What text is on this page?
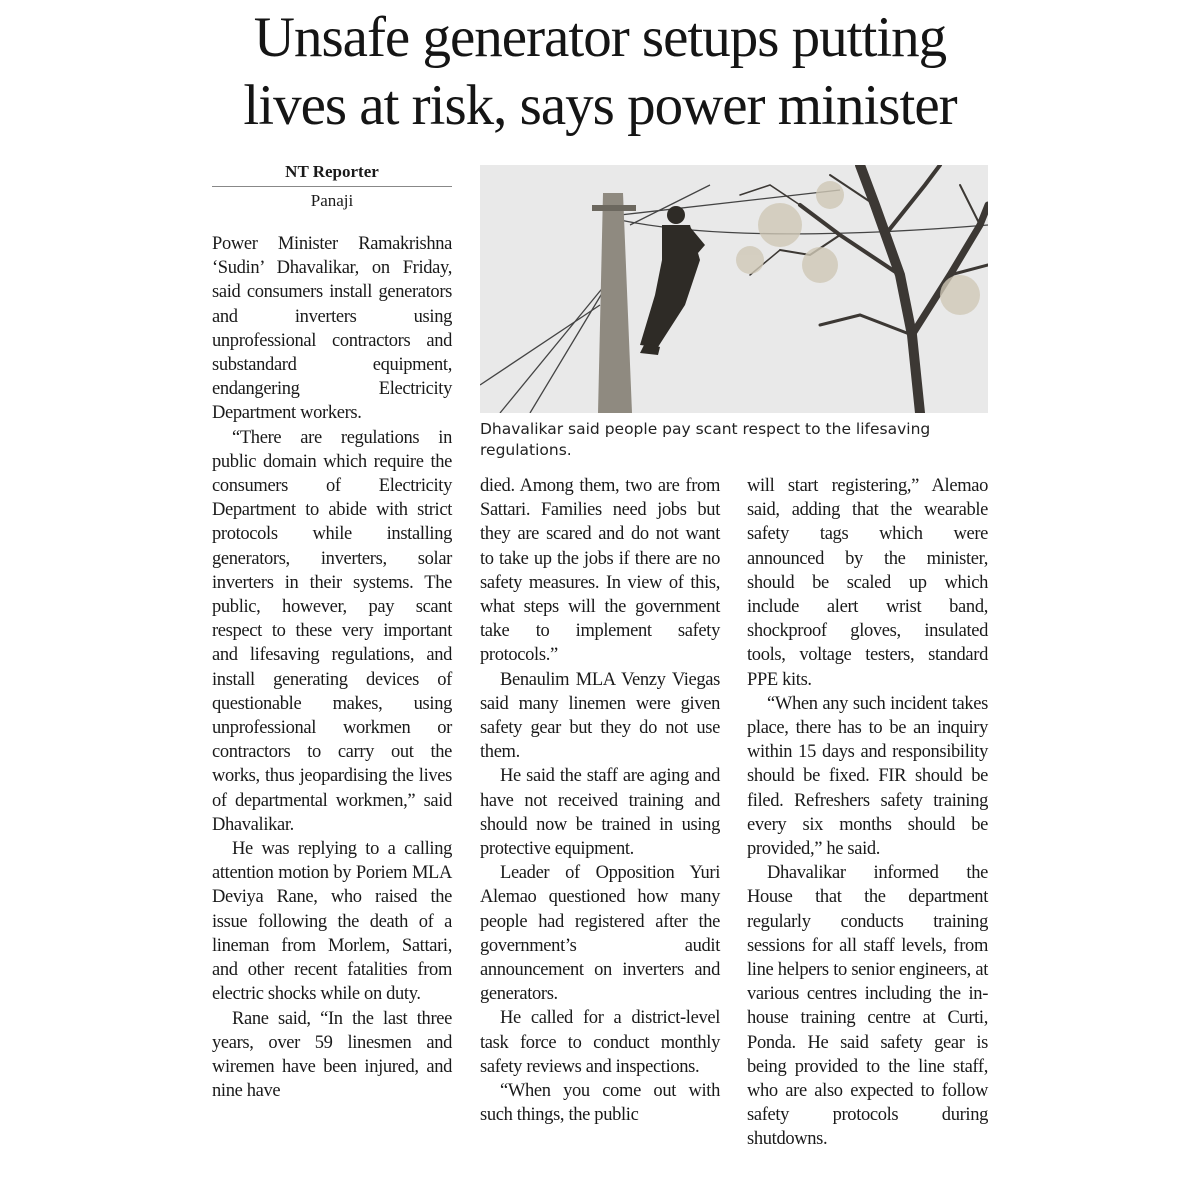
Unsafe generator setups putting
lives at risk, says power minister
NT Reporter
Panaji

Power Minister Ramakrishna ‘Sudin’ Dhavalikar, on Friday, said consumers install generators and inverters using unprofessional contractors and substandard equipment, endangering Electricity Department workers.

“There are regulations in public domain which require the consumers of Electricity Department to abide with strict protocols while installing generators, inverters, solar inverters in their systems. The public, however, pay scant respect to these very important and lifesaving regulations, and install generating devices of questionable makes, using unprofessional workmen or contractors to carry out the works, thus jeopardising the lives of departmental workmen,” said Dhavalikar.

He was replying to a calling attention motion by Poriem MLA Deviya Rane, who raised the issue following the death of a lineman from Morlem, Sattari, and other recent fatalities from electric shocks while on duty.

Rane said, “In the last three years, over 59 linesmen and wiremen have been injured, and nine have

Dhavalikar said people pay scant respect to the lifesaving regulations.

died. Among them, two are from Sattari. Families need jobs but they are scared and do not want to take up the jobs if there are no safety measures. In view of this, what steps will the government take to implement safety protocols.”

Benaulim MLA Venzy Viegas said many linemen were given safety gear but they do not use them.

He said the staff are aging and have not received training and should now be trained in using protective equipment.

Leader of Opposition Yuri Alemao questioned how many people had registered after the government’s audit announcement on inverters and generators.

He called for a district-level task force to conduct monthly safety reviews and inspections.

“When you come out with such things, the public

will start registering,” Alemao said, adding that the wearable safety tags which were announced by the minister, should be scaled up which include alert wrist band, shockproof gloves, insulated tools, voltage testers, standard PPE kits.

“When any such incident takes place, there has to be an inquiry within 15 days and responsibility should be fixed. FIR should be filed. Refreshers safety training every six months should be provided,” he said.

Dhavalikar informed the House that the department regularly conducts training sessions for all staff levels, from line helpers to senior engineers, at various centres including the in-house training centre at Curti, Ponda. He said safety gear is being provided to the line staff, who are also expected to follow safety protocols during shutdowns.
